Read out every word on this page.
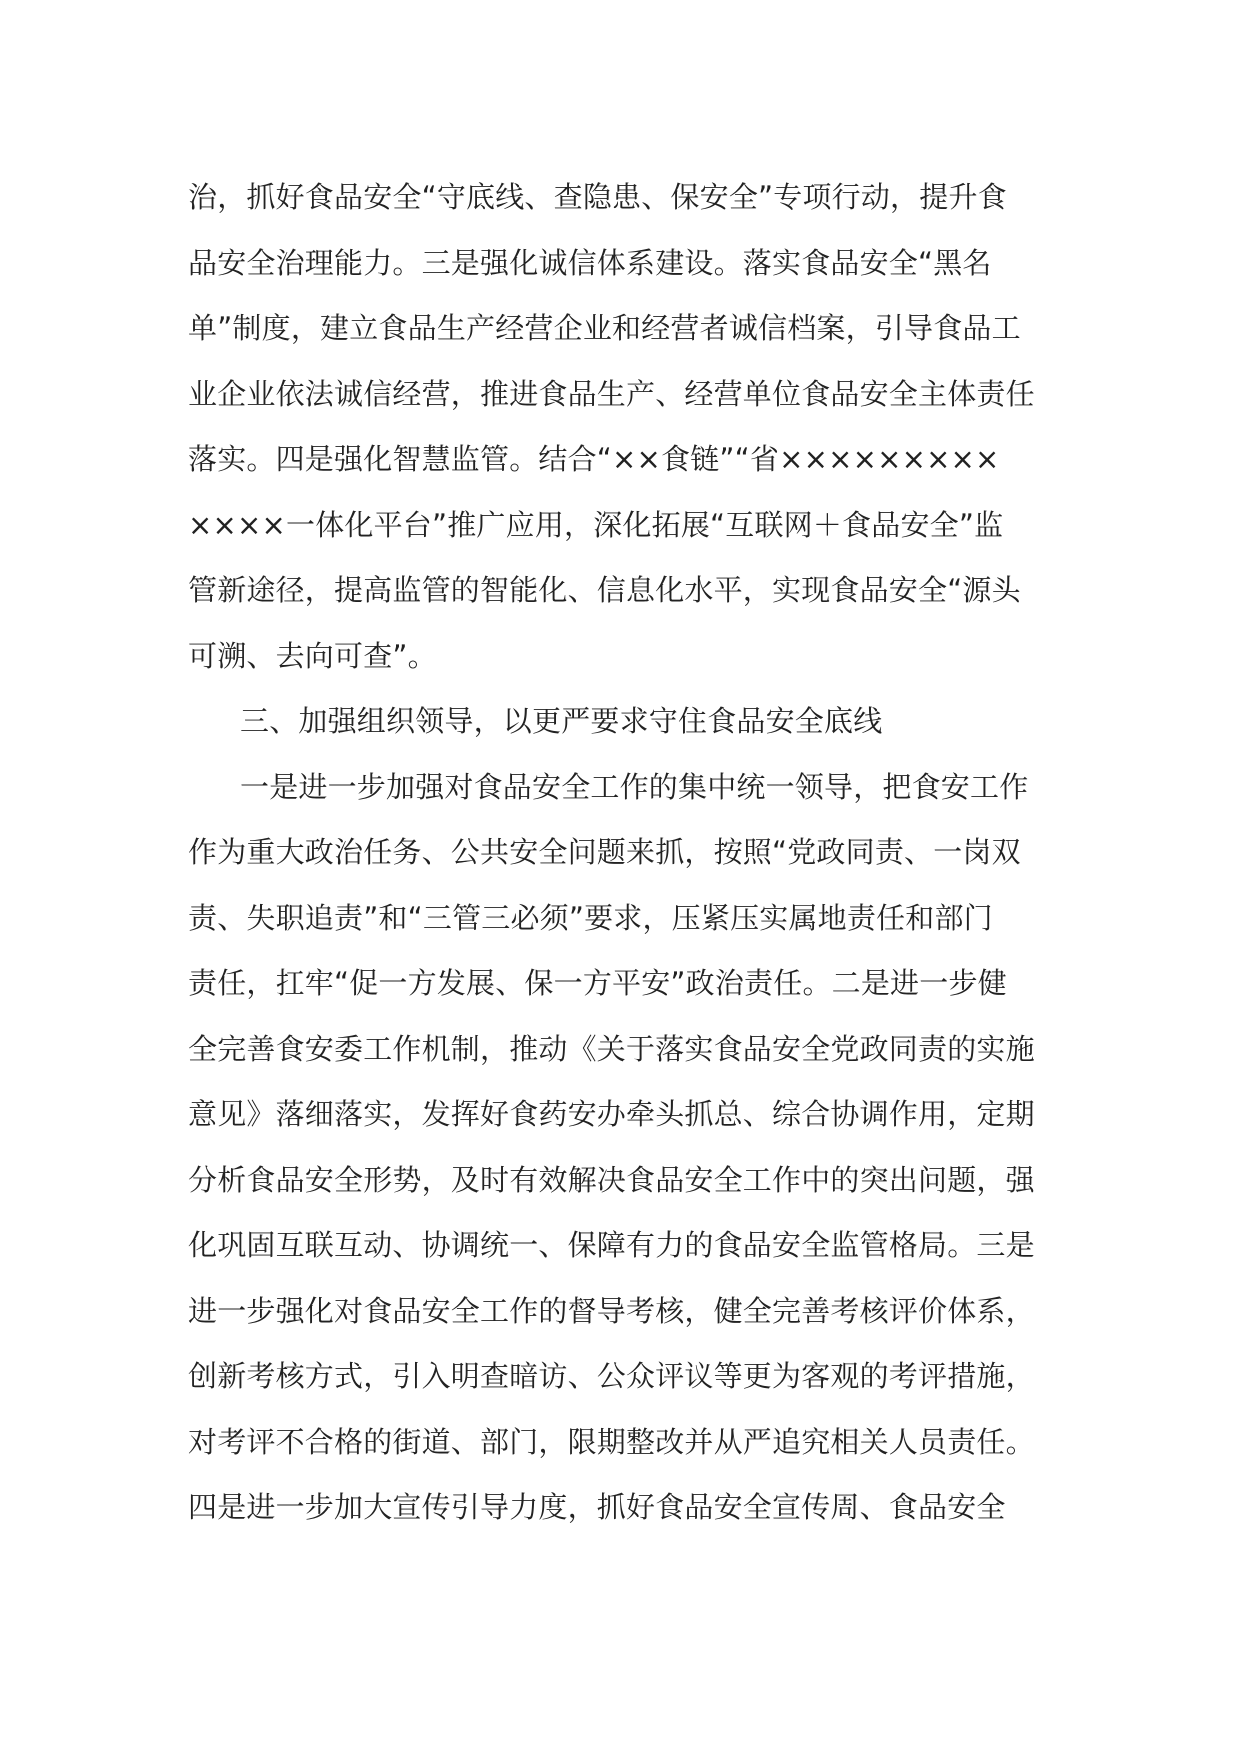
治，抓好食品安全“守底线、查隐患、保安全”专项行动，提升食
品安全治理能力。三是强化诚信体系建设。落实食品安全“黑名
单”制度，建立食品生产经营企业和经营者诚信档案，引导食品工
业企业依法诚信经营，推进食品生产、经营单位食品安全主体责任
落实。四是强化智慧监管。结合“××食链”“省×××××××××
××××一体化平台”推广应用，深化拓展“互联网＋食品安全”监
管新途径，提高监管的智能化、信息化水平，实现食品安全“源头
可溯、去向可查”。
三、加强组织领导，以更严要求守住食品安全底线
一是进一步加强对食品安全工作的集中统一领导，把食安工作
作为重大政治任务、公共安全问题来抓，按照“党政同责、一岗双
责、失职追责”和“三管三必须”要求，压紧压实属地责任和部门
责任，扛牢“促一方发展、保一方平安”政治责任。二是进一步健
全完善食安委工作机制，推动《关于落实食品安全党政同责的实施
意见》落细落实，发挥好食药安办牵头抓总、综合协调作用，定期
分析食品安全形势，及时有效解决食品安全工作中的突出问题，强
化巩固互联互动、协调统一、保障有力的食品安全监管格局。三是
进一步强化对食品安全工作的督导考核，健全完善考核评价体系，
创新考核方式，引入明查暗访、公众评议等更为客观的考评措施，
对考评不合格的街道、部门，限期整改并从严追究相关人员责任。
四是进一步加大宣传引导力度，抓好食品安全宣传周、食品安全
